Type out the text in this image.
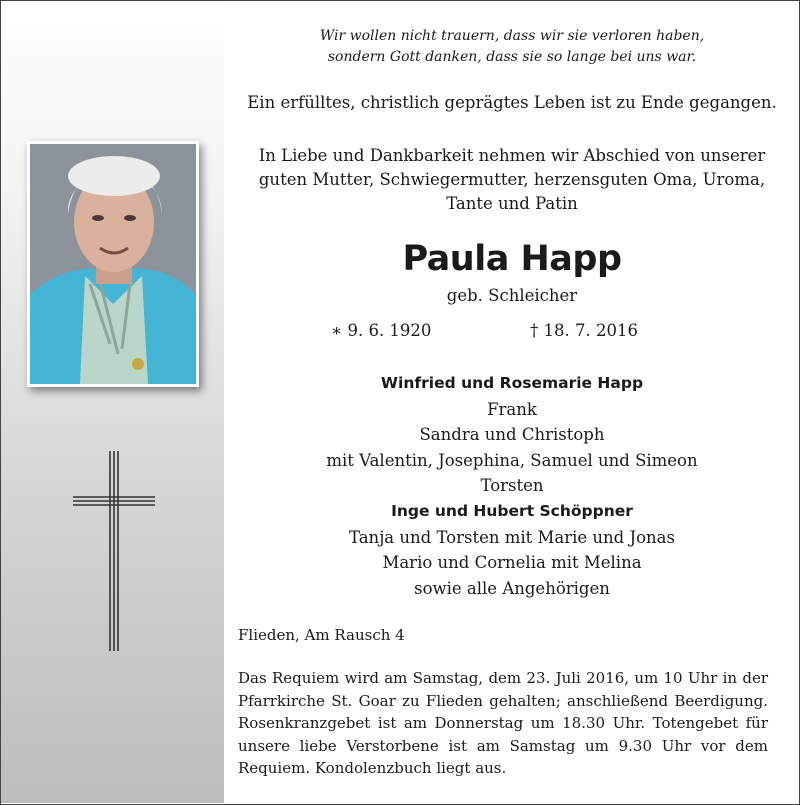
Wir wollen nicht trauern, dass wir sie verloren haben,

sondern Gott danken, dass sie so lange bei uns war.

Ein erfülltes, christlich geprägtes Leben ist zu Ende gegangen.

In Liebe und Dankbarkeit nehmen wir Abschied von unserer

guten Mutter, Schwiegermutter, herzensguten Oma, Uroma,

Tante und Patin

Paula Happ

geb. Schleicher

∗ 9. 6. 1920	† 18. 7. 2016

Winfried und Rosemarie Happ

Frank

Sandra und Christoph

mit Valentin, Josephina, Samuel und Simeon

Torsten

Inge und Hubert Schöppner

Tanja und Torsten mit Marie und Jonas

Mario und Cornelia mit Melina

sowie alle Angehörigen

Flieden, Am Rausch 4

Das Requiem wird am Samstag, dem 23. Juli 2016, um 10 Uhr in der Pfarrkirche St. Goar zu Flieden gehalten; anschließend Beerdigung. Rosenkranzgebet ist am Donnerstag um 18.30 Uhr. Totengebet für unsere liebe Verstorbene ist am Samstag um 9.30 Uhr vor dem Requiem. Kondolenzbuch liegt aus.
